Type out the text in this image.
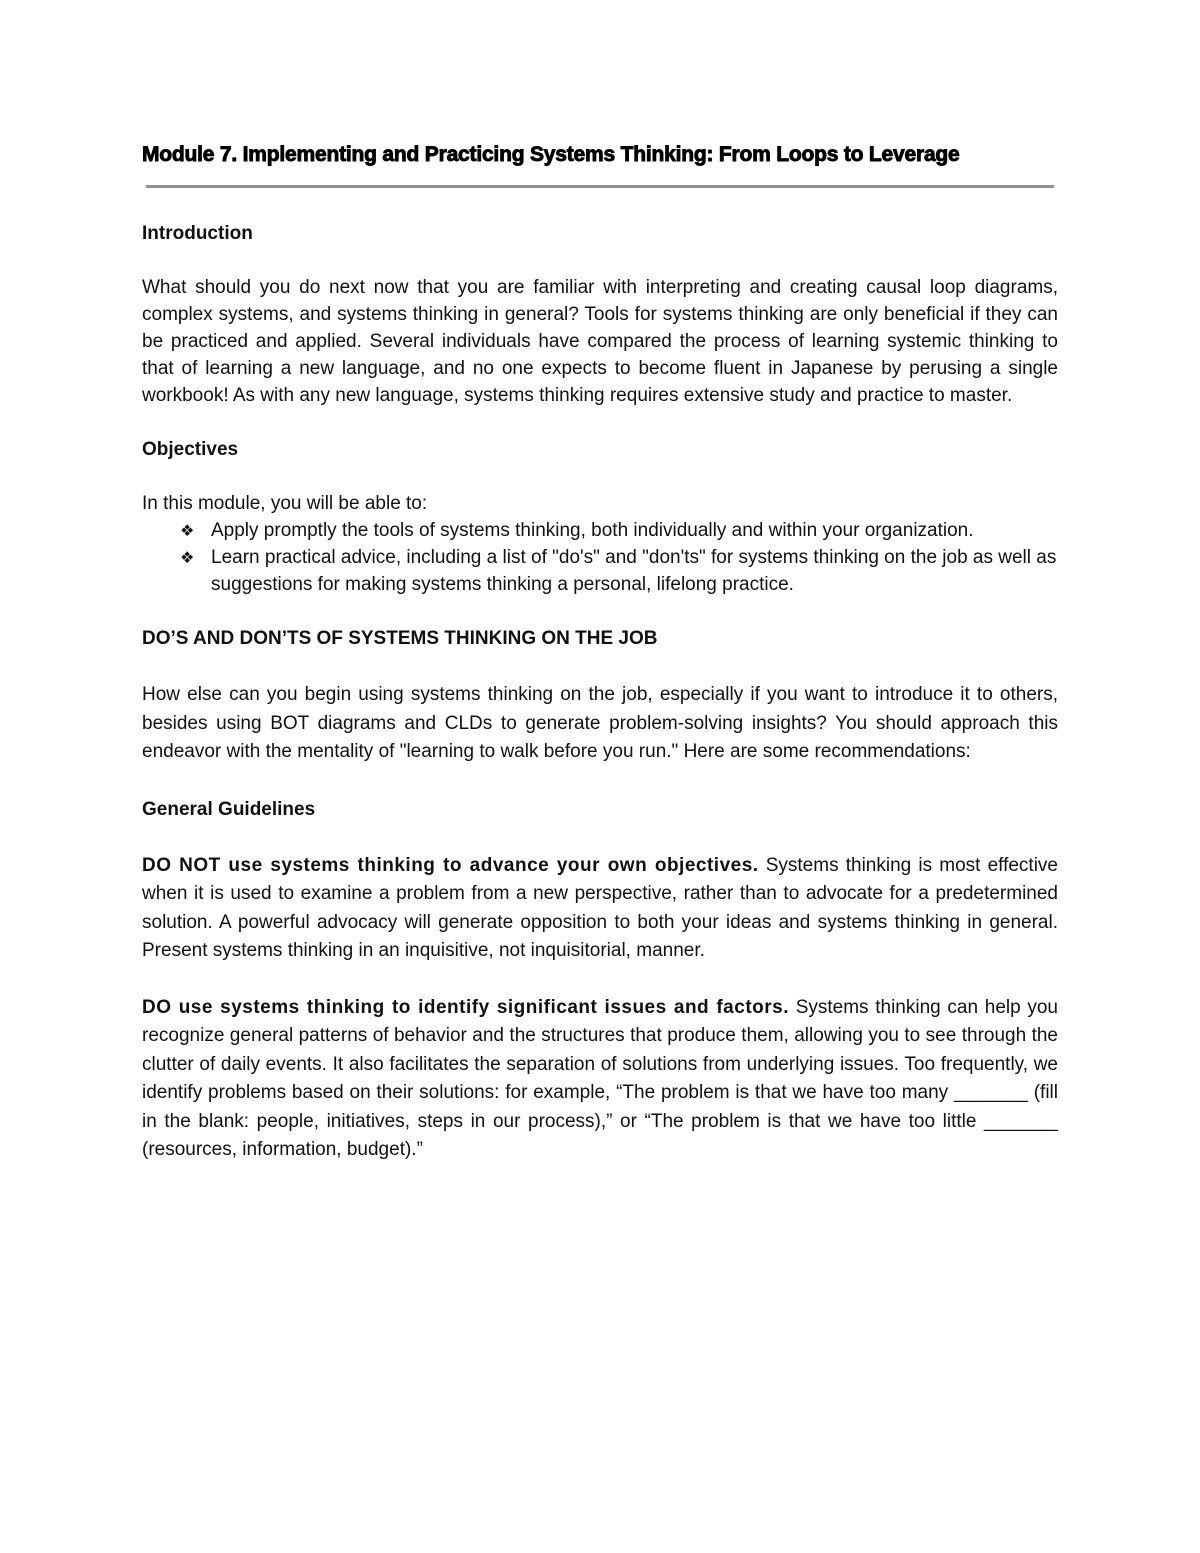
Module 7. Implementing and Practicing Systems Thinking: From Loops to Leverage
Introduction

What should you do next now that you are familiar with interpreting and creating causal loop diagrams, complex systems, and systems thinking in general? Tools for systems thinking are only beneficial if they can be practiced and applied. Several individuals have compared the process of learning systemic thinking to that of learning a new language, and no one expects to become fluent in Japanese by perusing a single workbook! As with any new language, systems thinking requires extensive study and practice to master.

Objectives

In this module, you will be able to:

❖ Apply promptly the tools of systems thinking, both individually and within your organization.
❖ Learn practical advice, including a list of "do's" and "don'ts" for systems thinking on the job as well as suggestions for making systems thinking a personal, lifelong practice.
DO’S AND DON’TS OF SYSTEMS THINKING ON THE JOB

How else can you begin using systems thinking on the job, especially if you want to introduce it to others, besides using BOT diagrams and CLDs to generate problem-solving insights? You should approach this endeavor with the mentality of "learning to walk before you run." Here are some recommendations:

General Guidelines

DO NOT use systems thinking to advance your own objectives. Systems thinking is most effective when it is used to examine a problem from a new perspective, rather than to advocate for a predetermined solution. A powerful advocacy will generate opposition to both your ideas and systems thinking in general. Present systems thinking in an inquisitive, not inquisitorial, manner.

DO use systems thinking to identify significant issues and factors. Systems thinking can help you recognize general patterns of behavior and the structures that produce them, allowing you to see through the clutter of daily events. It also facilitates the separation of solutions from underlying issues. Too frequently, we identify problems based on their solutions: for example, “The problem is that we have too many _______ (fill in the blank: people, initiatives, steps in our process),” or “The problem is that we have too little _______ (resources, information, budget).”
